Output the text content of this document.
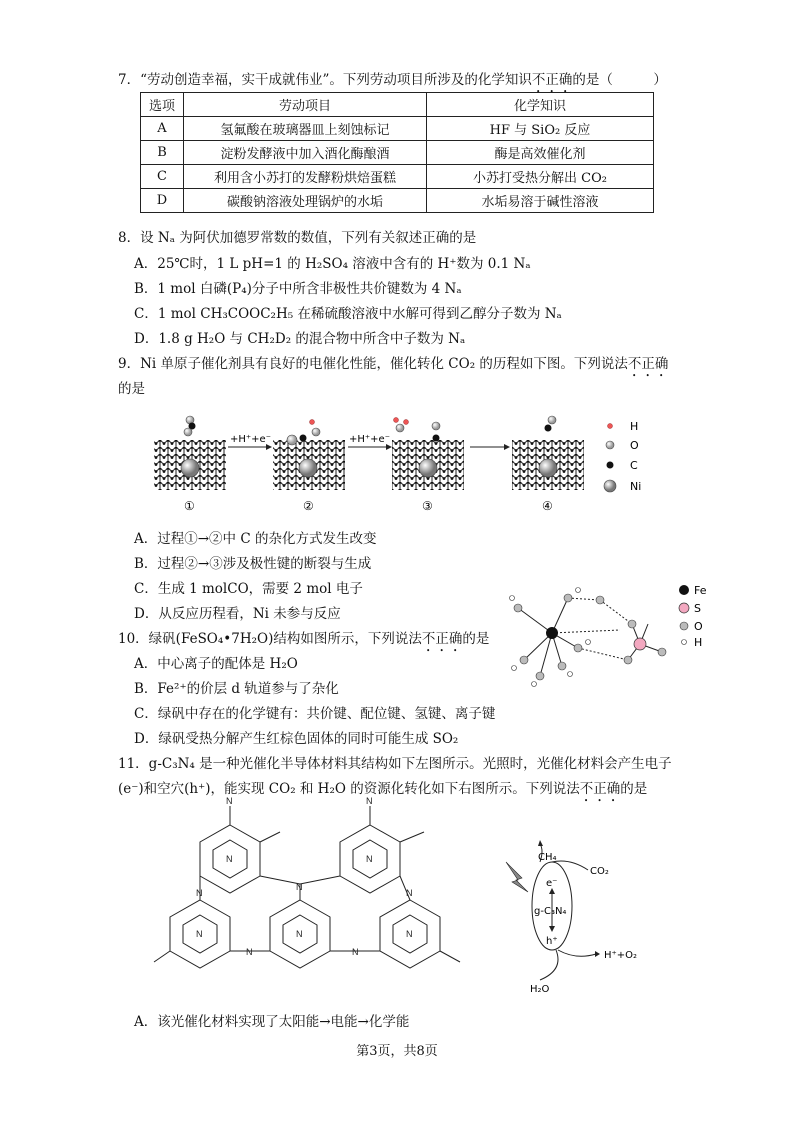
7．“劳动创造幸福，实干成就伟业”。下列劳动项目所涉及的化学知识不正确的是（　　　）
选项	劳动项目	化学知识
A	氢氟酸在玻璃器皿上刻蚀标记	HF 与 SiO₂ 反应
B	淀粉发酵液中加入酒化酶酿酒	酶是高效催化剂
C	利用含小苏打的发酵粉烘焙蛋糕	小苏打受热分解出 CO₂
D	碳酸钠溶液处理锅炉的水垢	水垢易溶于碱性溶液
8．设 Nₐ 为阿伏加德罗常数的数值，下列有关叙述正确的是
A．25℃时，1 L pH=1 的 H₂SO₄ 溶液中含有的 H⁺数为 0.1 Nₐ
B．1 mol 白磷(P₄)分子中所含非极性共价键数为 4 Nₐ
C．1 mol CH₃COOC₂H₅ 在稀硫酸溶液中水解可得到乙醇分子数为 Nₐ
D．1.8 g H₂O 与 CH₂D₂ 的混合物中所含中子数为 Nₐ
9．Ni 单原子催化剂具有良好的电催化性能，催化转化 CO₂ 的历程如下图。下列说法不正确
的是
+H⁺+e⁻	+H⁺+e⁻
①	②	③	④
H
O
C
Ni
A．过程①→②中 C 的杂化方式发生改变
B．过程②→③涉及极性键的断裂与生成
C．生成 1 molCO，需要 2 mol 电子
D．从反应历程看，Ni 未参与反应
Fe
S
O
H
10．绿矾(FeSO₄•7H₂O)结构如图所示，下列说法不正确的是
A．中心离子的配体是 H₂O
B．Fe²⁺的价层 d 轨道参与了杂化
C．绿矾中存在的化学键有：共价键、配位键、氢键、离子键
D．绿矾受热分解产生红棕色固体的同时可能生成 SO₂
11．g-C₃N₄ 是一种光催化半导体材料其结构如下左图所示。光照时，光催化材料会产生电子
(e⁻)和空穴(h⁺)，能实现 CO₂ 和 H₂O 的资源化转化如下右图所示。下列说法不正确的是
N	N
N
N	N
N	N
N	N
N	N	N
CH₄
CO₂
e⁻
g-C₃N₄
h⁺
H⁺+O₂
H₂O
A．该光催化材料实现了太阳能→电能→化学能
第3页，共8页
